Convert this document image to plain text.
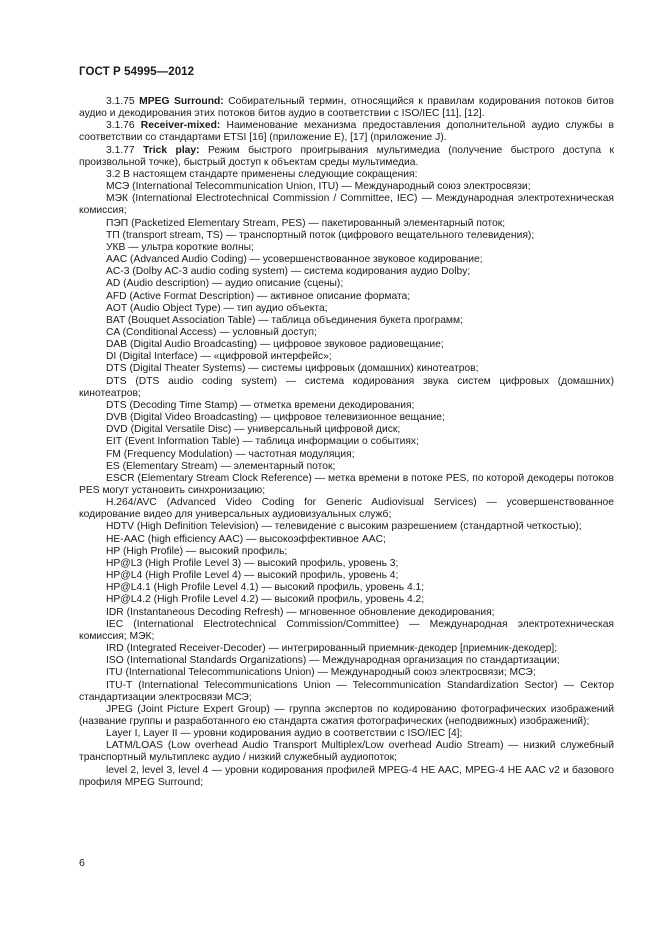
ГОСТ Р 54995—2012

3.1.75 MPEG Surround: Собирательный термин, относящийся к правилам кодирования потоков битов аудио и декодирования этих потоков битов аудио в соответствии с ISO/IEC [11], [12].

3.1.76 Receiver-mixed: Наименование механизма предоставления дополнительной аудио службы в соответствии со стандартами ETSI [16] (приложение E), [17] (приложение J).

3.1.77 Trick play: Режим быстрого проигрывания мультимедиа (получение быстрого доступа к произвольной точке), быстрый доступ к объектам среды мультимедиа.

3.2 В настоящем стандарте применены следующие сокращения:

МСЭ (International Telecommunication Union, ITU) — Международный союз электросвязи;

МЭК (International Electrotechnical Commission / Committee, IEC) — Международная электротехническая комиссия;

ПЭП (Packetized Elementary Stream, PES) — пакетированный элементарный поток;

ТП (transport stream, TS) — транспортный поток (цифрового вещательного телевидения);

УКВ — ультра короткие волны;

AAC (Advanced Audio Coding) — усовершенствованное звуковое кодирование;

AC-3 (Dolby AC-3 audio coding system) — система кодирования аудио Dolby;

AD (Audio description) — аудио описание (сцены);

AFD (Active Format Description) — активное описание формата;

AOT (Audio Object Type) — тип аудио объекта;

BAT (Bouquet Association Table) — таблица объединения букета программ;

CA (Conditional Access) — условный доступ;

DAB (Digital Audio Broadcasting) — цифровое звуковое радиовещание;

DI (Digital Interface) — «цифровой интерфейс»;

DTS (Digital Theater Systems) — системы цифровых (домашних) кинотеатров;

DTS (DTS audio coding system) — система кодирования звука систем цифровых (домашних) кинотеатров;

DTS (Decoding Time Stamp) — отметка времени декодирования;

DVB (Digital Video Broadcasting) — цифровое телевизионное вещание;

DVD (Digital Versatile Disc) — универсальный цифровой диск;

EIT (Event Information Table) — таблица информации о событиях;

FM (Frequency Modulation) — частотная модуляция;

ES (Elementary Stream) — элементарный поток;

ESCR (Elementary Stream Clock Reference) — метка времени в потоке PES, по которой декодеры потоков PES могут установить синхронизацию;

H.264/AVC (Advanced Video Coding for Generic Audiovisual Services) — усовершенствованное кодирование видео для универсальных аудиовизуальных служб;

HDTV (High Definition Television) — телевидение с высоким разрешением (стандартной четкостью);

HE-AAC (high efficiency AAC) — высокоэффективное AAC;

HP (High Profile) — высокий профиль;

HP@L3 (High Profile Level 3) — высокий профиль, уровень 3;

HP@L4 (High Profile Level 4) — высокий профиль, уровень 4;

HP@L4.1 (High Profile Level 4.1) — высокий профиль, уровень 4.1;

HP@L4.2 (High Profile Level 4.2) — высокий профиль, уровень 4.2;

IDR (Instantaneous Decoding Refresh) — мгновенное обновление декодирования;

IEC (International Electrotechnical Commission/Committee) — Международная электротехническая комиссия; МЭК;

IRD (Integrated Receiver-Decoder) — интегрированный приемник-декодер [приемник-декодер];

ISO (International Standards Organizations) — Международная организация по стандартизации;

ITU (International Telecommunications Union) — Международный союз электросвязи; МСЭ;

ITU-T (International Telecommunications Union — Telecommunication Standardization Sector) — Сектор стандартизации электросвязи МСЭ;

JPEG (Joint Picture Expert Group) — группа экспертов по кодированию фотографических изображений (название группы и разработанного ею стандарта сжатия фотографических (неподвижных) изображений);

Layer I, Layer II — уровни кодирования аудио в соответствии с ISO/IEC [4];

LATM/LOAS (Low overhead Audio Transport Multiplex/Low overhead Audio Stream) — низкий служебный транспортный мультиплекс аудио / низкий служебный аудиопоток;

level 2, level 3, level 4 — уровни кодирования профилей MPEG-4 HE AAC, MPEG-4 HE AAC v2 и базового профиля MPEG Surround;

6
